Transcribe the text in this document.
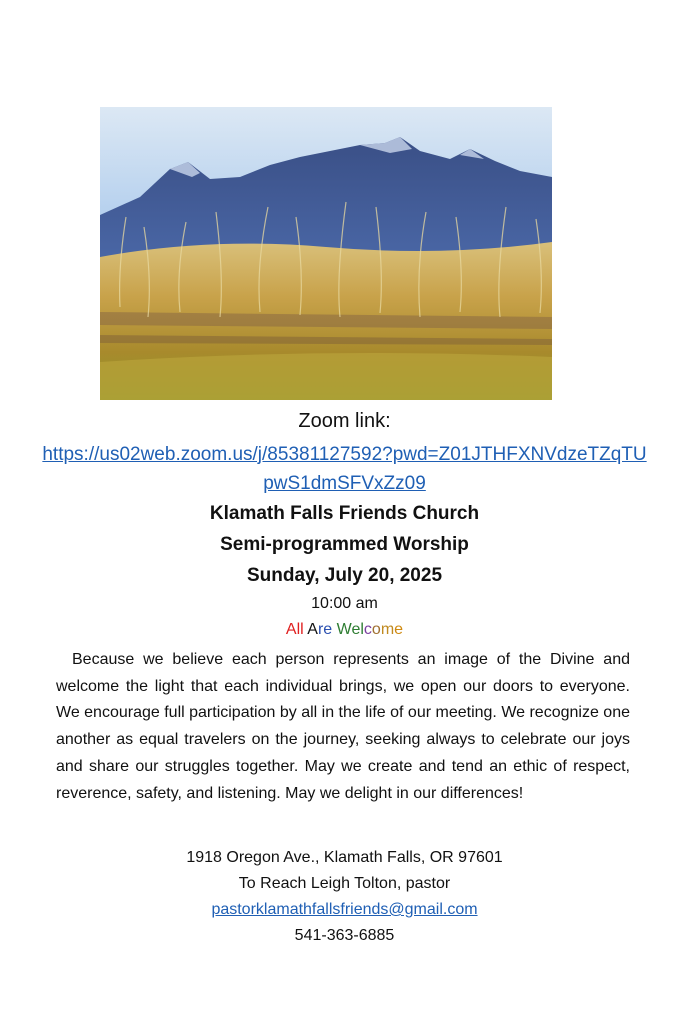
Zoom link:
https://us02web.zoom.us/j/85381127592?pwd=Z01JTHFXNVdzeTZqTUpwS1dmSFVxZz09
Klamath Falls Friends Church
Semi-programmed Worship
Sunday, July 20, 2025
10:00 am
All Are Welcome
Because we believe each person represents an image of the Divine and welcome the light that each individual brings, we open our doors to everyone. We encourage full participation by all in the life of our meeting. We recognize one another as equal travelers on the journey, seeking always to celebrate our joys and share our struggles together. May we create and tend an ethic of respect, reverence, safety, and listening. May we delight in our differences!
1918 Oregon Ave., Klamath Falls, OR 97601
To Reach Leigh Tolton, pastor
pastorklamathfallsfriends@gmail.com
541-363-6885
